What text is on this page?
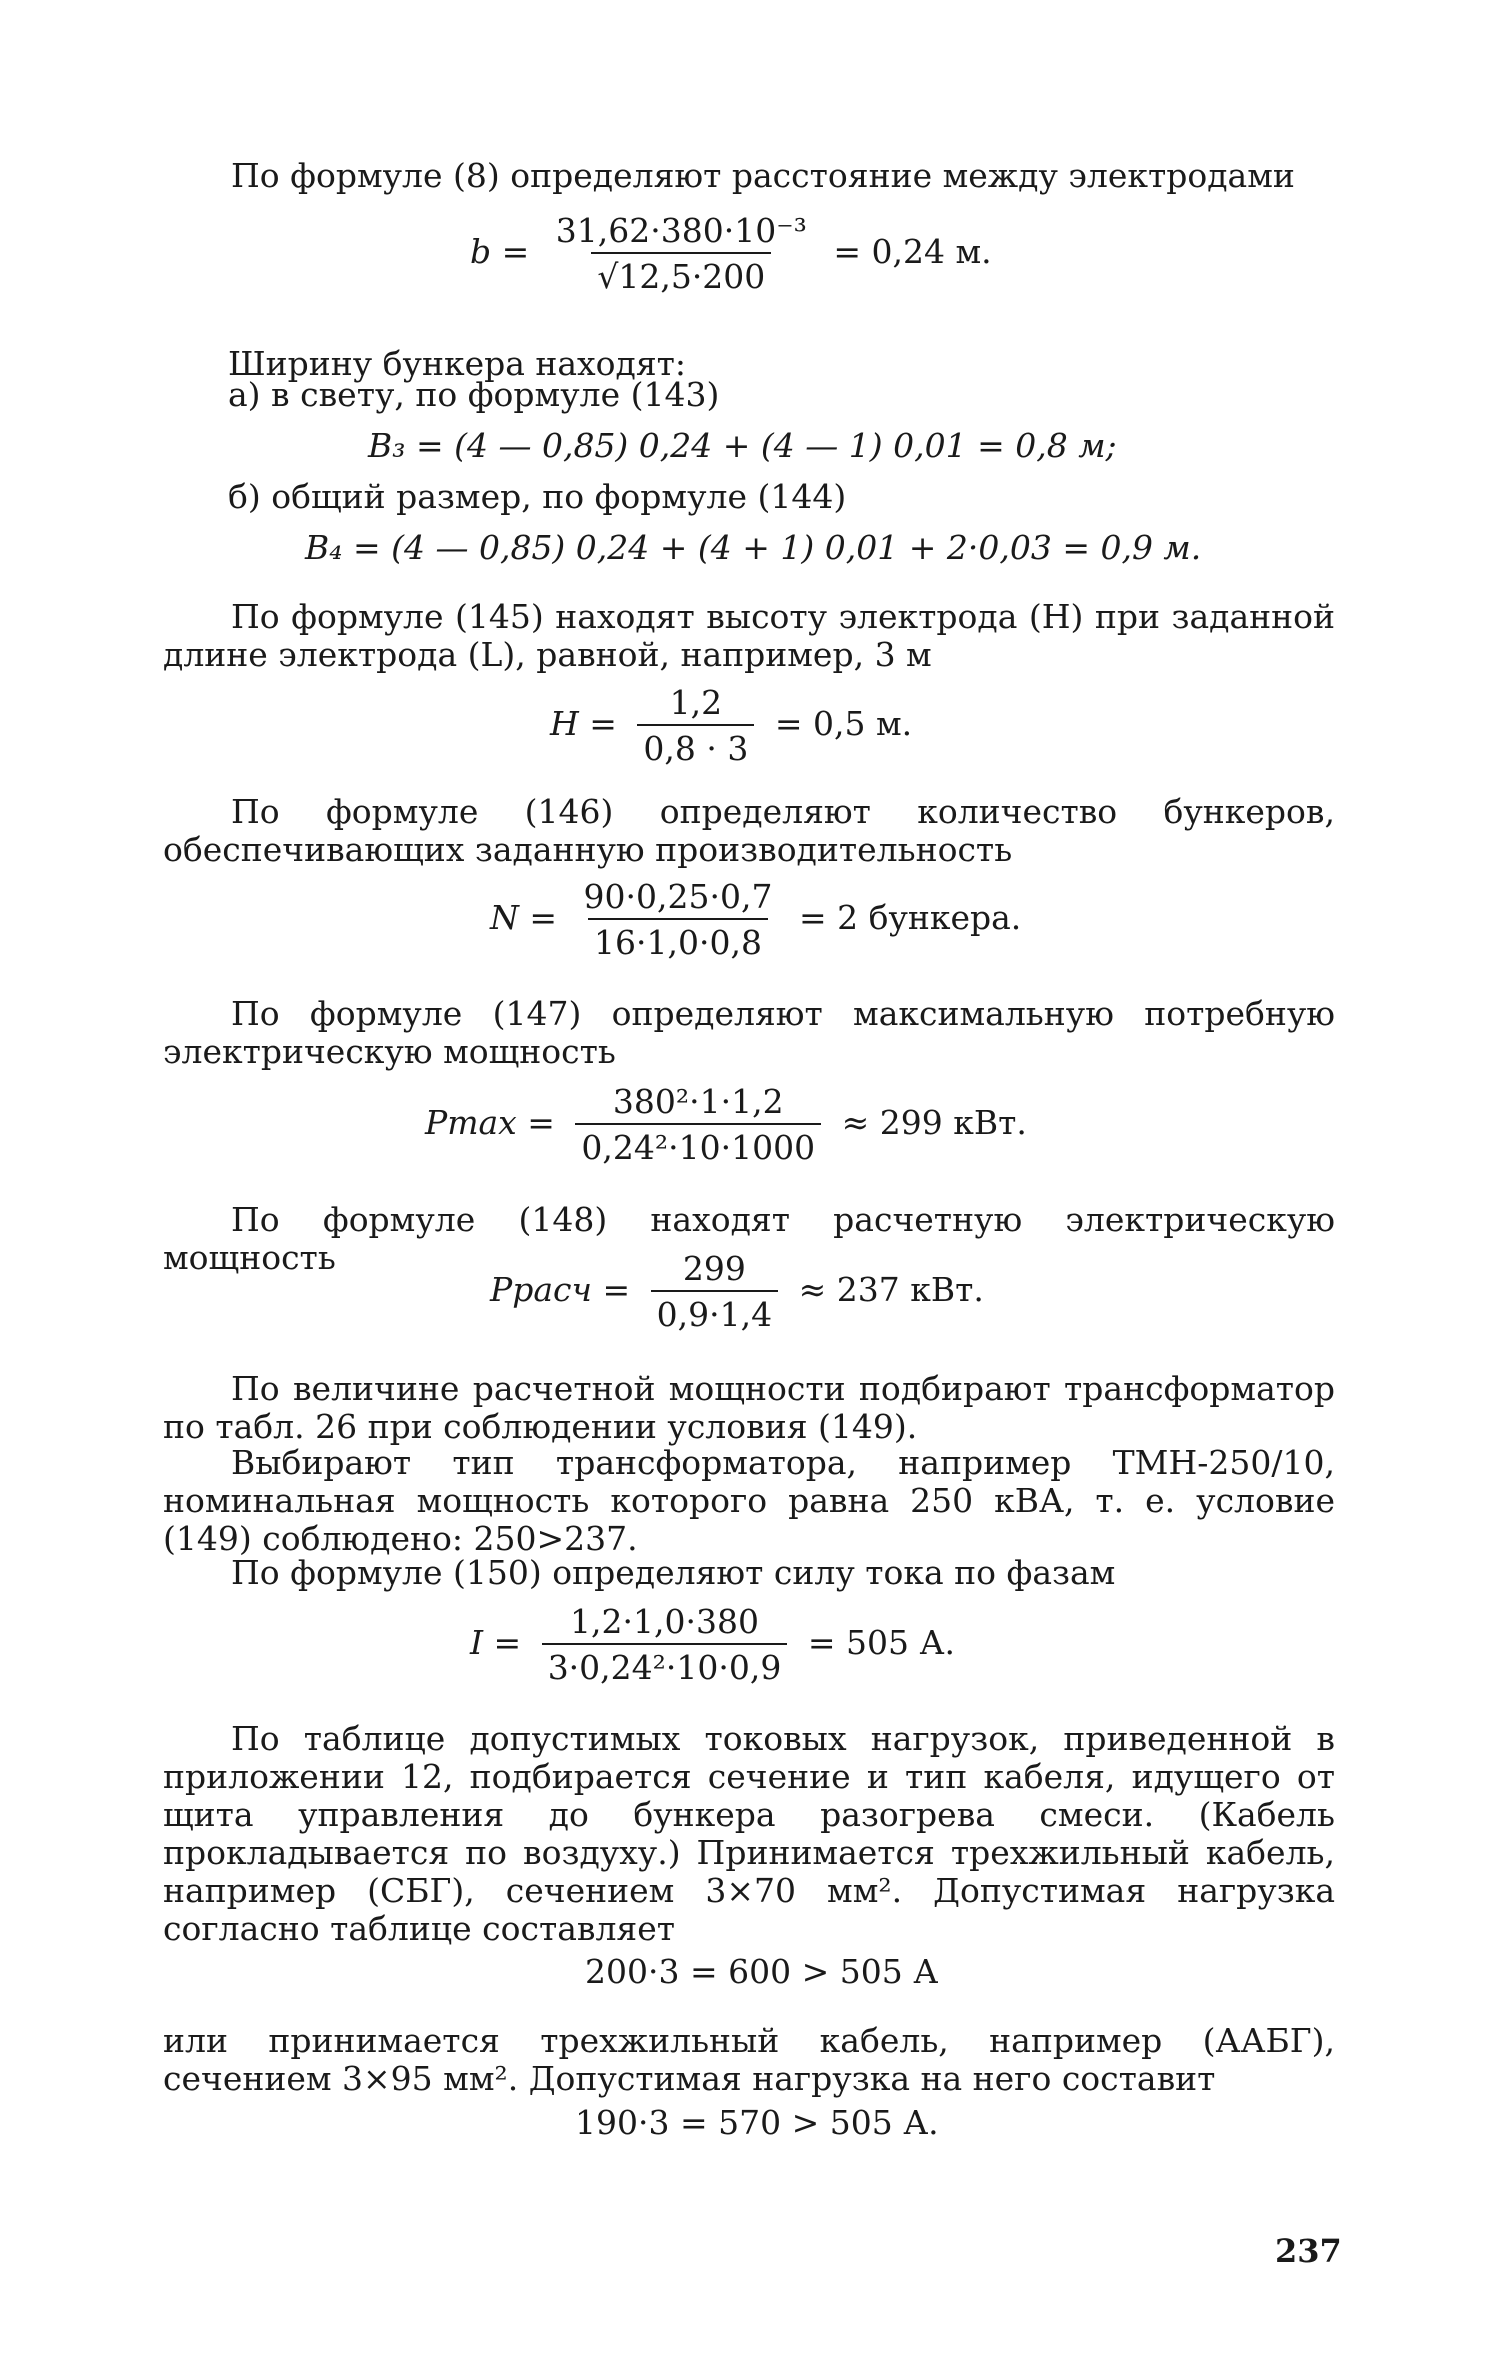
По формуле (8) определяют расстояние между электродами
$b = \frac{\text{31,62·380·10⁻³}}{√12,5\cdot 200} = 0,24$ м.
Ширину бункера находят:
а) в свету, по формуле (143)
B₃ = (4 — 0,85) 0,24 + (4 — 1) 0,01 = 0,8 м;
б) общий размер, по формуле (144)
B₄ = (4 — 0,85) 0,24 + (4 + 1) 0,01 + 2·0,03 = 0,9 м.
По формуле (145) находят высоту электрода (H) при заданной длине электрода (L), равной, например, 3 м
$H = \frac{1,2}{0,8 \cdot 3} = 0,5$ м.
По формуле (146) определяют количество бункеров, обеспечивающих заданную производительность
$N = \frac{90\cdot 0,25\cdot 0,7}{16\cdot 1,0\cdot 0,8} = 2$ бункера.
По формуле (147) определяют максимальную потребную электрическую мощность
$Pmax = \frac{\text{380²·1·1,2}}{\text{0,24²·10·1000}} \approx 299$ кВт.
По формуле (148) находят расчетную электрическую мощность
Pрасч = $\frac{299}{0,9\cdot 1,4} \approx 237$ кВт.
По величине расчетной мощности подбирают трансформатор по табл. 26 при соблюдении условия (149).
Выбирают тип трансформатора, например ТМН-250/10, номинальная мощность которого равна 250 кВА, т. е. условие (149) соблюдено: 250>237.
По формуле (150) определяют силу тока по фазам
$I = \frac{1,2\cdot 1,0\cdot 380}{\text{3·0,24²·10·0,9}} = 505$ А.
По таблице допустимых токовых нагрузок, приведенной в приложении 12, подбирается сечение и тип кабеля, идущего от щита управления до бункера разогрева смеси. (Кабель прокладывается по воздуху.) Принимается трехжильный кабель, например (СБГ), сечением 3×70 мм². Допустимая нагрузка согласно таблице составляет
200·3 = 600 > 505 А
или принимается трехжильный кабель, например (ААБГ), сечением 3×95 мм². Допустимая нагрузка на него составит
190·3 = 570 > 505 А.
237
